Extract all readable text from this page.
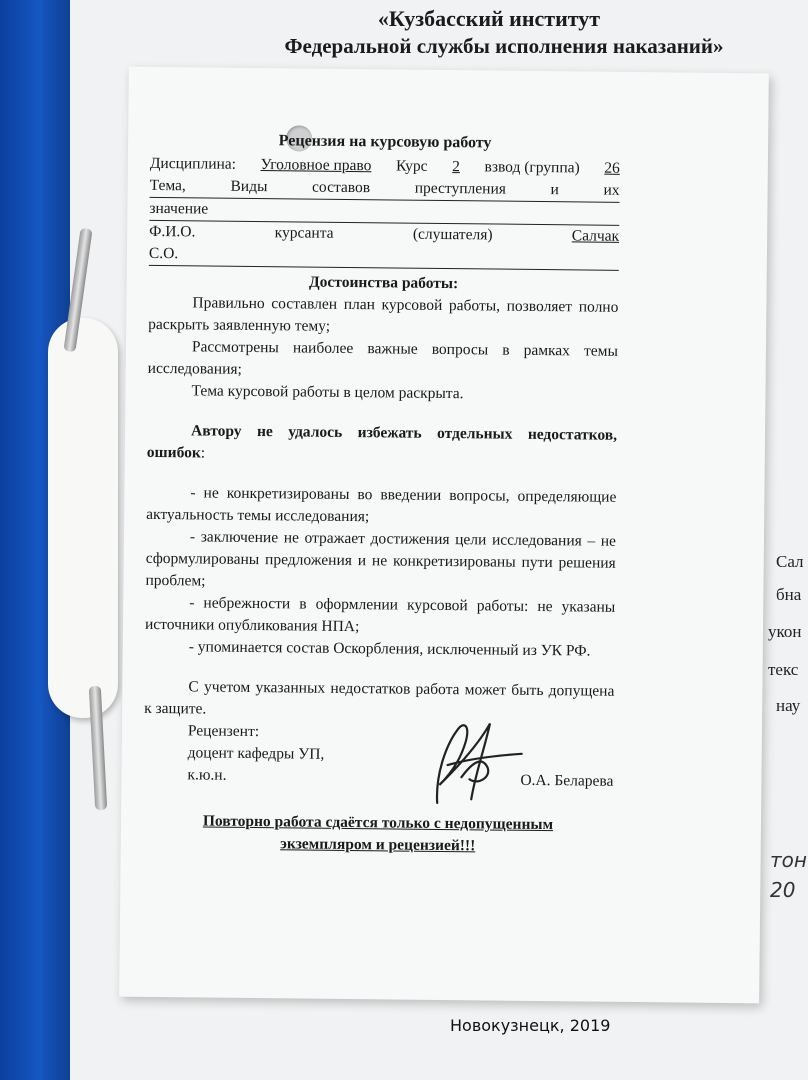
«Кузбасский институт
Федеральной службы исполнения наказаний»
Сал
бна
укон
текс
нау
тон
20
Новокузнецк, 2019
Рецензия на курсовую работу
Дисциплина: Уголовное право Курс 2 взвод (группа) 26
Тема,	Виды	составов	преступления	и	их
значение
Ф.И.О.	курсанта	(слушателя)	Салчак
С.О.
Достоинства работы:
Правильно составлен план курсовой работы, позволяет полно раскрыть заявленную тему;
Рассмотрены наиболее важные вопросы в рамках темы исследования;
Тема курсовой работы в целом раскрыта.
Автору не удалось избежать отдельных недостатков, ошибок:
- не конкретизированы во введении вопросы, определяющие актуальность темы исследования;
- заключение не отражает достижения цели исследования – не сформулированы предложения и не конкретизированы пути решения проблем;
- небрежности в оформлении курсовой работы: не указаны источники опубликования НПА;
- упоминается состав Оскорбления, исключенный из УК РФ.
С учетом указанных недостатков работа может быть допущена к защите.
Рецензент:
доцент кафедры УП,
к.ю.н.	О.А. Беларева
Повторно работа сдаётся только с недопущенным
экземпляром и рецензией!!!
